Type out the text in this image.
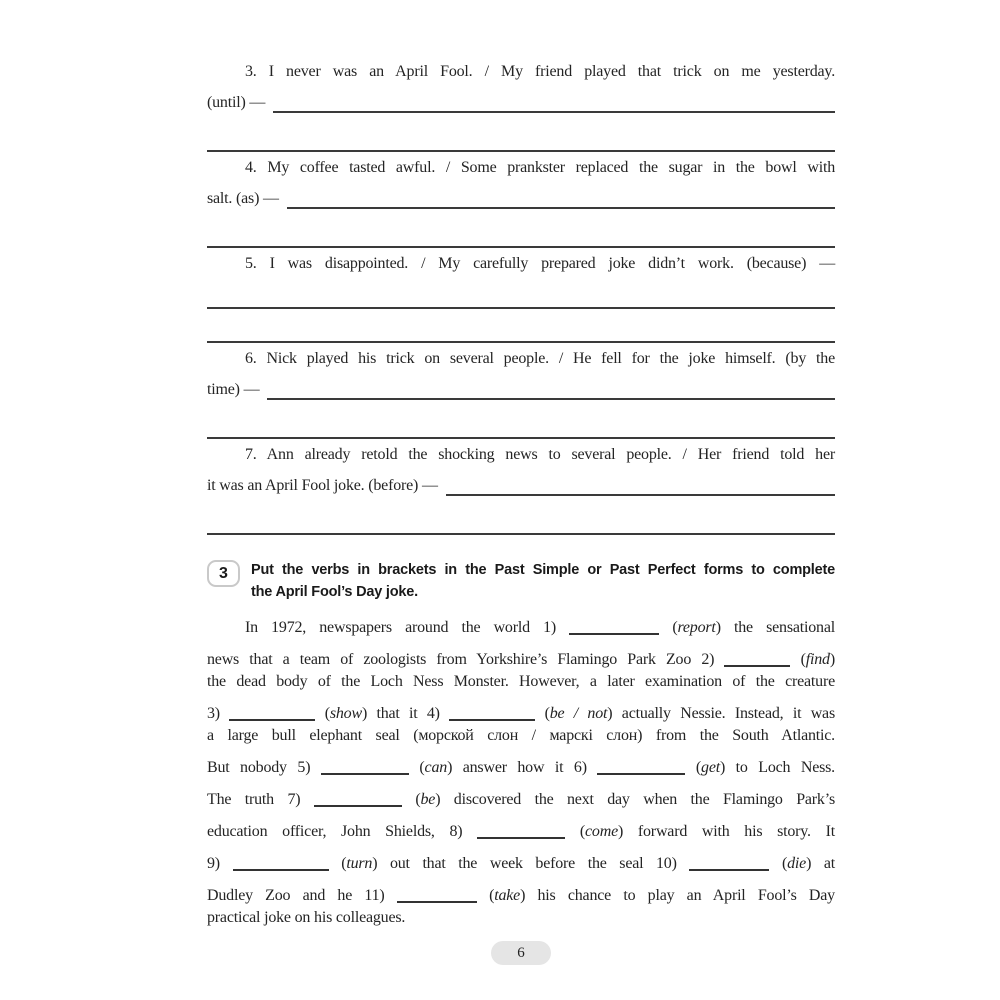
3. I never was an April Fool. / My friend played that trick on me yesterday.
(until) —
4. My coffee tasted awful. / Some prankster replaced the sugar in the bowl with
salt. (as) —
5. I was disappointed. / My carefully prepared joke didn’t work. (because) —
6. Nick played his trick on several people. / He fell for the joke himself. (by the
time) —
7. Ann already retold the shocking news to several people. / Her friend told her
it was an April Fool joke. (before) —
3	Put the verbs in brackets in the Past Simple or Past Perfect forms to complete
the April Fool’s Day joke.
In 1972, newspapers around the world 1)	(report) the sensational
news that a team of zoologists from Yorkshire’s Flamingo Park Zoo 2)	(find)
the dead body of the Loch Ness Monster. However, a later examination of the creature
3)	(show) that it 4)	(be / not) actually Nessie. Instead, it was
a large bull elephant seal (морской слон / марскі слон) from the South Atlantic.
But nobody 5)	(can) answer how it 6)	(get) to Loch Ness.
The truth 7)	(be) discovered the next day when the Flamingo Park’s
education officer, John Shields, 8)	(come) forward with his story. It
9)	(turn) out that the week before the seal 10)	(die) at
Dudley Zoo and he 11)	(take) his chance to play an April Fool’s Day
practical joke on his colleagues.
6
